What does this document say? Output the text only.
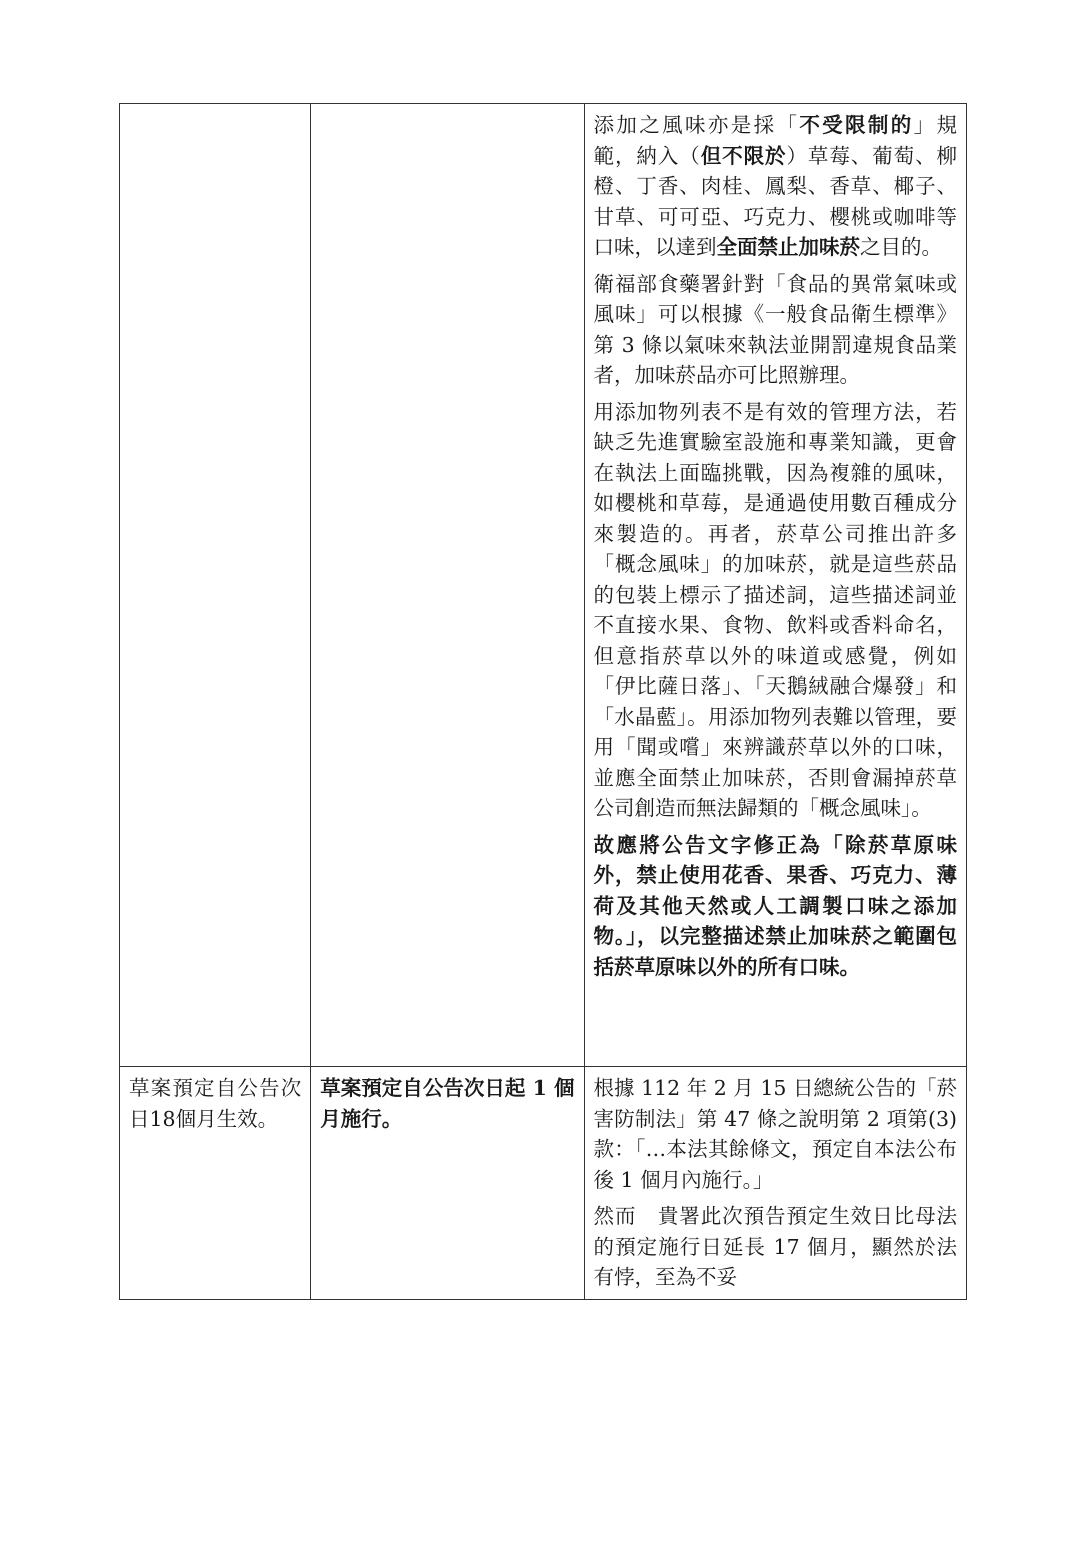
		添加之風味亦是採「不受限制的」規範，納入（但不限於）草莓、葡萄、柳橙、丁香、肉桂、鳳梨、香草、椰子、甘草、可可亞、巧克力、櫻桃或咖啡等口味，以達到全面禁止加味菸之目的。

衛福部食藥署針對「食品的異常氣味或風味」可以根據《一般食品衛生標準》第 3 條以氣味來執法並開罰違規食品業者，加味菸品亦可比照辦理。

用添加物列表不是有效的管理方法，若缺乏先進實驗室設施和專業知識，更會在執法上面臨挑戰，因為複雜的風味，如櫻桃和草莓，是通過使用數百種成分來製造的。再者，菸草公司推出許多「概念風味」的加味菸，就是這些菸品的包裝上標示了描述詞，這些描述詞並不直接水果、食物、飲料或香料命名，但意指菸草以外的味道或感覺，例如「伊比薩日落」、「天鵝絨融合爆發」和「水晶藍」。用添加物列表難以管理，要用「聞或嚐」來辨識菸草以外的口味，並應全面禁止加味菸，否則會漏掉菸草公司創造而無法歸類的「概念風味」。

故應將公告文字修正為「除菸草原味外，禁止使用花香、果香、巧克力、薄荷及其他天然或人工調製口味之添加物。」，以完整描述禁止加味菸之範圍包括菸草原味以外的所有口味。

草案預定自公告次日18個月生效。	草案預定自公告次日起 1 個月施行。	根據 112 年 2 月 15 日總統公告的「菸害防制法」第 47 條之說明第 2 項第(3)款：「…本法其餘條文，預定自本法公布後 1 個月內施行。」

然而　貴署此次預告預定生效日比母法的預定施行日延長 17 個月，顯然於法有悖，至為不妥
